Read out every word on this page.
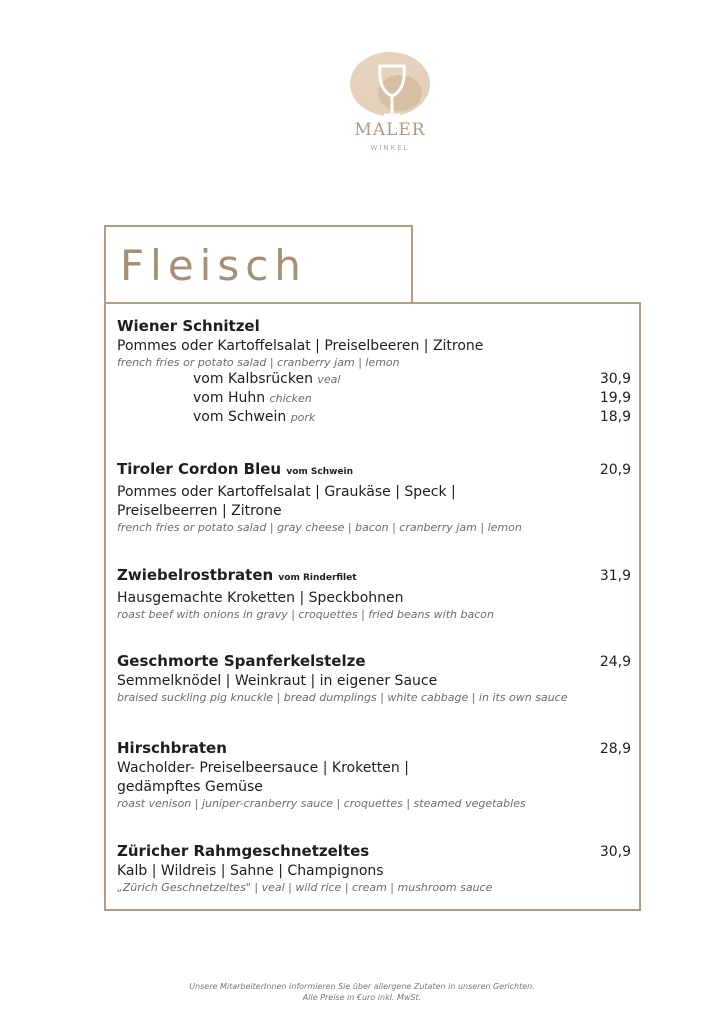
MALER
WINKEL
Fleisch
Wiener Schnitzel
Pommes oder Kartoffelsalat | Preiselbeeren | Zitrone
french fries or potato salad | cranberry jam | lemon
vom Kalbsrücken veal	30,9
vom Huhn chicken	19,9
vom Schwein pork	18,9
Tiroler Cordon Bleu vom Schwein	20,9
Pommes oder Kartoffelsalat | Graukäse | Speck |
Preiselbeerren | Zitrone
french fries or potato salad | gray cheese | bacon | cranberry jam | lemon
Zwiebelrostbraten vom Rinderfilet	31,9
Hausgemachte Kroketten | Speckbohnen
roast beef with onions in gravy | croquettes | fried beans with bacon
Geschmorte Spanferkelstelze	24,9
Semmelknödel | Weinkraut | in eigener Sauce
braised suckling pig knuckle | bread dumplings | white cabbage | in its own sauce
Hirschbraten	28,9
Wacholder- Preiselbeersauce | Kroketten |
gedämpftes Gemüse
roast venison | juniper-cranberry sauce | croquettes | steamed vegetables
Züricher Rahmgeschnetzeltes	30,9
Kalb | Wildreis | Sahne | Champignons
„Zürich Geschnetzeltes" | veal | wild rice | cream | mushroom sauce
Unsere MitarbeiterInnen informieren Sie über allergene Zutaten in unseren Gerichten.
Alle Preise in €uro inkl. MwSt.
